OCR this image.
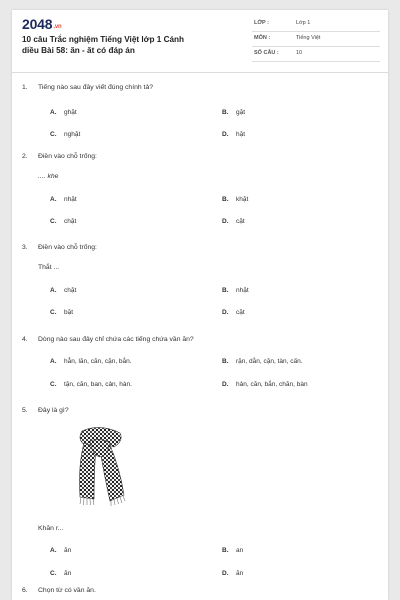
2048.vn
10 câu Trắc nghiệm Tiếng Việt lớp 1 Cánh diều Bài 58: ăn - ăt có đáp án
LỚP :	Lớp 1
MÔN :	Tiếng Việt
SỐ CÂU :	10
1. Tiếng nào sau đây viết đúng chính tả?
A. ghặt	B. gặt
C. nghặt	D. hặt
2. Điền vào chỗ trống:
.... khe
A. nhặt	B. khặt
C. chặt	D. cặt
3. Điền vào chỗ trống:
Thắt ...
A. chặt	B. nhặt
C. bặt	D. cặt
4. Dòng nào sau đây chỉ chứa các tiếng chứa vần ăn?
A. hẳn, lăn, căn, cặn, bắn.	B. rặn, dằn, cặn, tàn, cấn.
C. tặn, căn, ban, cản, hàn.	D. hản, căn, bắn, chăn, bàn
5. Đây là gì?
Khăn r...
A. ăn	B. an
C. ăn	D. ăn
6. Chọn từ có vần ăn.
